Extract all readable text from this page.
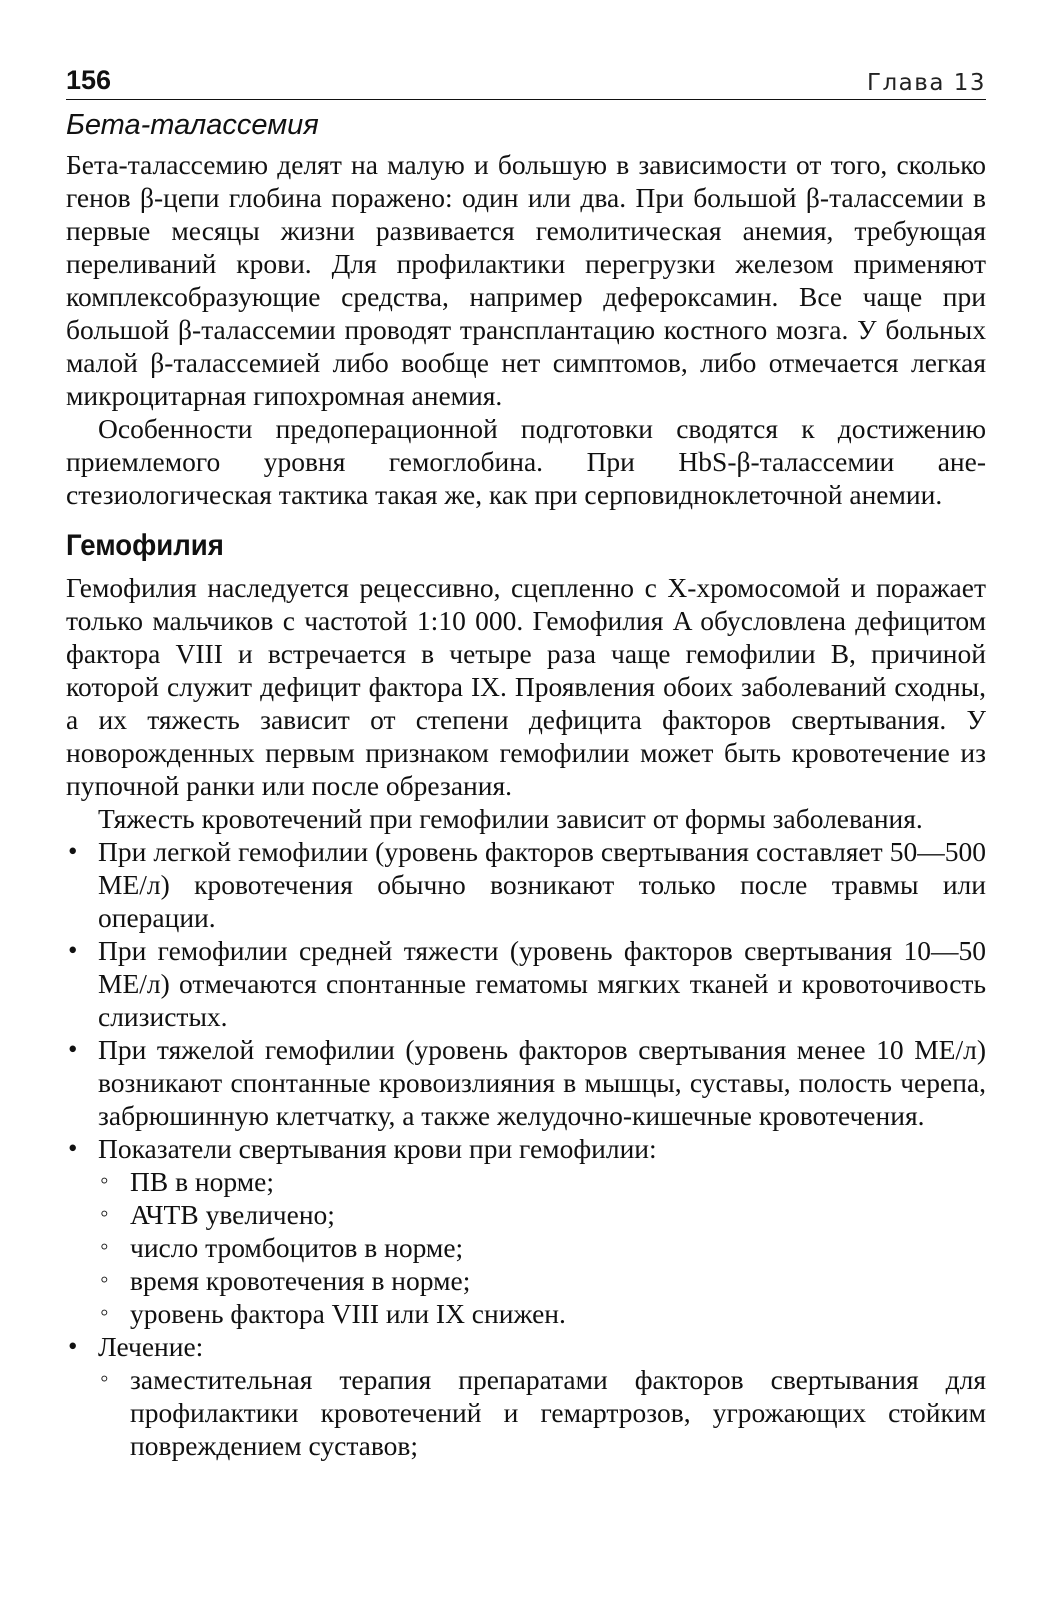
156	Глава 13
Бета-талассемия

Бета-талассемию делят на малую и большую в зависимости от того, сколько генов β-цепи глобина поражено: один или два. При большой β-талассемии в первые месяцы жизни развивается гемолитическая анемия, требующая переливаний крови. Для профилактики перегрузки железом применяют комплексобразующие средства, например дефероксамин. Все чаще при большой β-талассемии проводят трансплантацию костного мозга. У больных малой β-талассемией либо вообще нет симптомов, либо отмечается легкая микроцитарная гипохромная анемия.

Особенности предоперационной подготовки сводятся к достижению приемлемого уровня гемоглобина. При HbS-β-талассемии анестезиологическая тактика такая же, как при серповидноклеточной анемии.

Гемофилия

Гемофилия наследуется рецессивно, сцепленно с X-хромосомой и поражает только мальчиков с частотой 1:10 000. Гемофилия A обусловлена дефицитом фактора VIII и встречается в четыре раза чаще гемофилии B, причиной которой служит дефицит фактора IX. Проявления обоих заболеваний сходны, а их тяжесть зависит от степени дефицита факторов свертывания. У новорожденных первым признаком гемофилии может быть кровотечение из пупочной ранки или после обрезания.

Тяжесть кровотечений при гемофилии зависит от формы заболевания.

• При легкой гемофилии (уровень факторов свертывания составляет 50—500 МЕ/л) кровотечения обычно возникают только после травмы или операции.
• При гемофилии средней тяжести (уровень факторов свертывания 10—50 МЕ/л) отмечаются спонтанные гематомы мягких тканей и кровоточивость слизистых.
• При тяжелой гемофилии (уровень факторов свертывания менее 10 МЕ/л) возникают спонтанные кровоизлияния в мышцы, суставы, полость черепа, забрюшинную клетчатку, а также желудочно-кишечные кровотечения.
• Показатели свертывания крови при гемофилии:
◦ ПВ в норме;
◦ АЧТВ увеличено;
◦ число тромбоцитов в норме;
◦ время кровотечения в норме;
◦ уровень фактора VIII или IX снижен.
• Лечение:
◦ заместительная терапия препаратами факторов свертывания для профилактики кровотечений и гемартрозов, угрожающих стойким повреждением суставов;
